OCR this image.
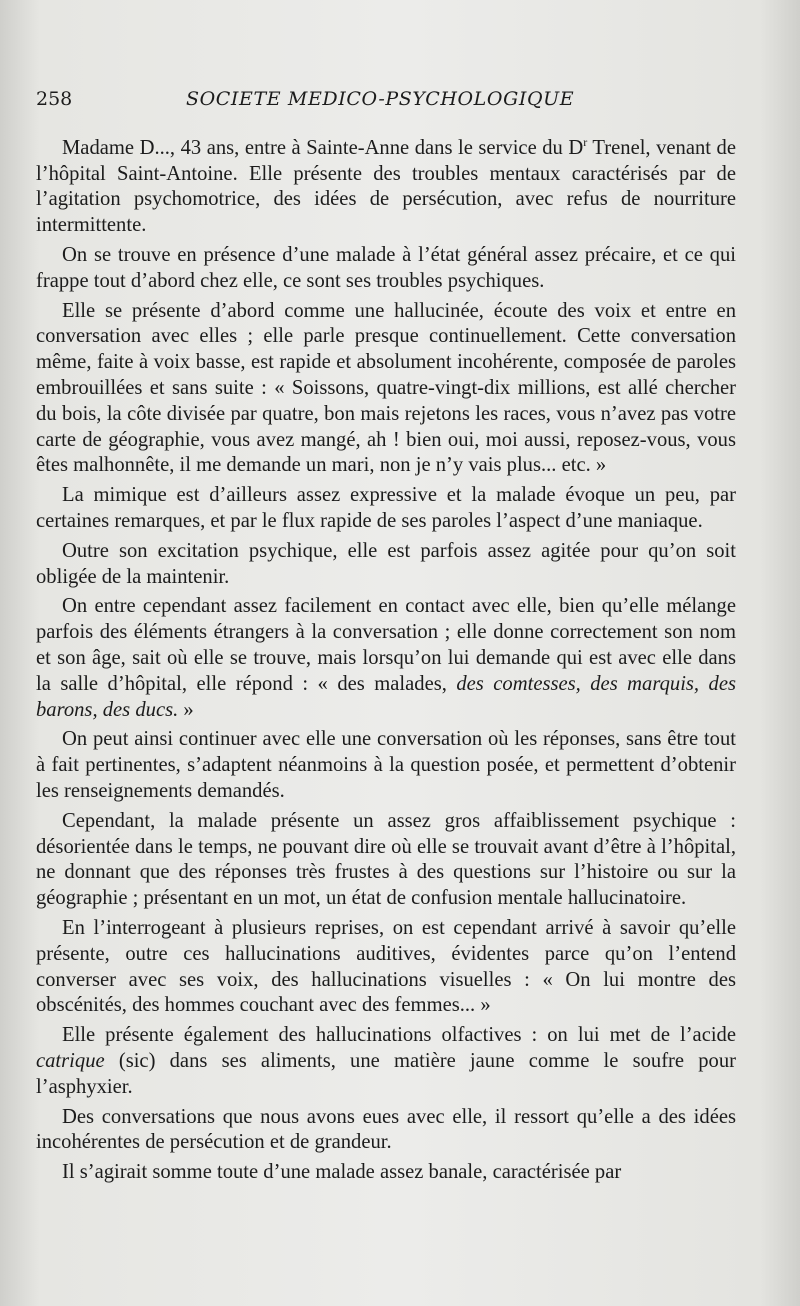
258	SOCIETE MEDICO-PSYCHOLOGIQUE

Madame D..., 43 ans, entre à Sainte-Anne dans le service du $D^r$ Trenel, venant de l’hôpital Saint-Antoine. Elle présente des troubles mentaux caractérisés par de l’agitation psychomotrice, des idées de persécution, avec refus de nourriture intermittente.

On se trouve en présence d’une malade à l’état général assez précaire, et ce qui frappe tout d’abord chez elle, ce sont ses troubles psychiques.

Elle se présente d’abord comme une hallucinée, écoute des voix et entre en conversation avec elles ; elle parle presque continuellement. Cette conversation même, faite à voix basse, est rapide et absolument incohérente, composée de paroles embrouillées et sans suite : « Soissons, quatre-vingt-dix millions, est allé chercher du bois, la côte divisée par quatre, bon mais rejetons les races, vous n’avez pas votre carte de géographie, vous avez mangé, ah ! bien oui, moi aussi, reposez-vous, vous êtes malhonnête, il me demande un mari, non je n’y vais plus... etc. »

La mimique est d’ailleurs assez expressive et la malade évoque un peu, par certaines remarques, et par le flux rapide de ses paroles l’aspect d’une maniaque.

Outre son excitation psychique, elle est parfois assez agitée pour qu’on soit obligée de la maintenir.

On entre cependant assez facilement en contact avec elle, bien qu’elle mélange parfois des éléments étrangers à la conversation ; elle donne correctement son nom et son âge, sait où elle se trouve, mais lorsqu’on lui demande qui est avec elle dans la salle d’hôpital, elle répond : « des malades, des comtesses, des marquis, des barons, des ducs. »

On peut ainsi continuer avec elle une conversation où les réponses, sans être tout à fait pertinentes, s’adaptent néanmoins à la question posée, et permettent d’obtenir les renseignements demandés.

Cependant, la malade présente un assez gros affaiblissement psychique : désorientée dans le temps, ne pouvant dire où elle se trouvait avant d’être à l’hôpital, ne donnant que des réponses très frustes à des questions sur l’histoire ou sur la géographie ; présentant en un mot, un état de confusion mentale hallucinatoire.

En l’interrogeant à plusieurs reprises, on est cependant arrivé à savoir qu’elle présente, outre ces hallucinations auditives, évidentes parce qu’on l’entend converser avec ses voix, des hallucinations visuelles : « On lui montre des obscénités, des hommes couchant avec des femmes... »

Elle présente également des hallucinations olfactives : on lui met de l’acide catrique (sic) dans ses aliments, une matière jaune comme le soufre pour l’asphyxier.

Des conversations que nous avons eues avec elle, il ressort qu’elle a des idées incohérentes de persécution et de grandeur.

Il s’agirait somme toute d’une malade assez banale, caractérisée par
